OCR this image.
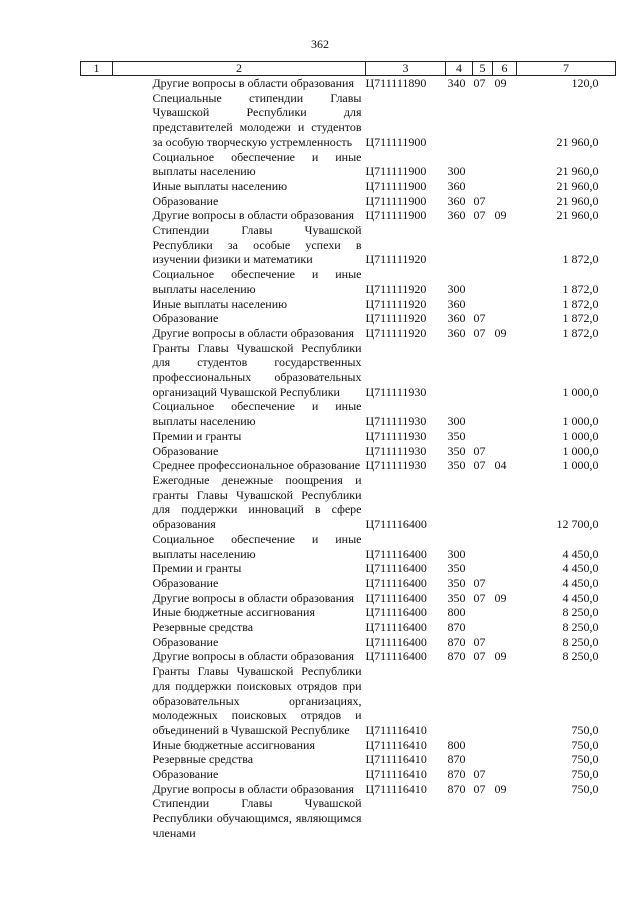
362
1	2	3	4	5	6	7
	Другие вопросы в области образования	Ц711111890	340	07	09	120,0
	Специальные стипендии Главы Чувашской Республики для представителей молодежи и студентов за особую творческую устремленность	Ц711111900				21 960,0
	Социальное обеспечение и иные выплаты населению	Ц711111900	300			21 960,0
	Иные выплаты населению	Ц711111900	360			21 960,0
	Образование	Ц711111900	360	07		21 960,0
	Другие вопросы в области образования	Ц711111900	360	07	09	21 960,0
	Стипендии Главы Чувашской Республики за особые успехи в изучении физики и математики	Ц711111920				1 872,0
	Социальное обеспечение и иные выплаты населению	Ц711111920	300			1 872,0
	Иные выплаты населению	Ц711111920	360			1 872,0
	Образование	Ц711111920	360	07		1 872,0
	Другие вопросы в области образования	Ц711111920	360	07	09	1 872,0
	Гранты Главы Чувашской Республики для студентов государственных профессиональных образовательных организаций Чувашской Республики	Ц711111930				1 000,0
	Социальное обеспечение и иные выплаты населению	Ц711111930	300			1 000,0
	Премии и гранты	Ц711111930	350			1 000,0
	Образование	Ц711111930	350	07		1 000,0
	Среднее профессиональное образование	Ц711111930	350	07	04	1 000,0
	Ежегодные денежные поощрения и гранты Главы Чувашской Республики для поддержки инноваций в сфере образования	Ц711116400				12 700,0
	Социальное обеспечение и иные выплаты населению	Ц711116400	300			4 450,0
	Премии и гранты	Ц711116400	350			4 450,0
	Образование	Ц711116400	350	07		4 450,0
	Другие вопросы в области образования	Ц711116400	350	07	09	4 450,0
	Иные бюджетные ассигнования	Ц711116400	800			8 250,0
	Резервные средства	Ц711116400	870			8 250,0
	Образование	Ц711116400	870	07		8 250,0
	Другие вопросы в области образования	Ц711116400	870	07	09	8 250,0
	Гранты Главы Чувашской Республики для поддержки поисковых отрядов при образовательных организациях, молодежных поисковых отрядов и объединений в Чувашской Республике	Ц711116410				750,0
	Иные бюджетные ассигнования	Ц711116410	800			750,0
	Резервные средства	Ц711116410	870			750,0
	Образование	Ц711116410	870	07		750,0
	Другие вопросы в области образования	Ц711116410	870	07	09	750,0
	Стипендии Главы Чувашской Республики обучающимся, являющимся членами					
